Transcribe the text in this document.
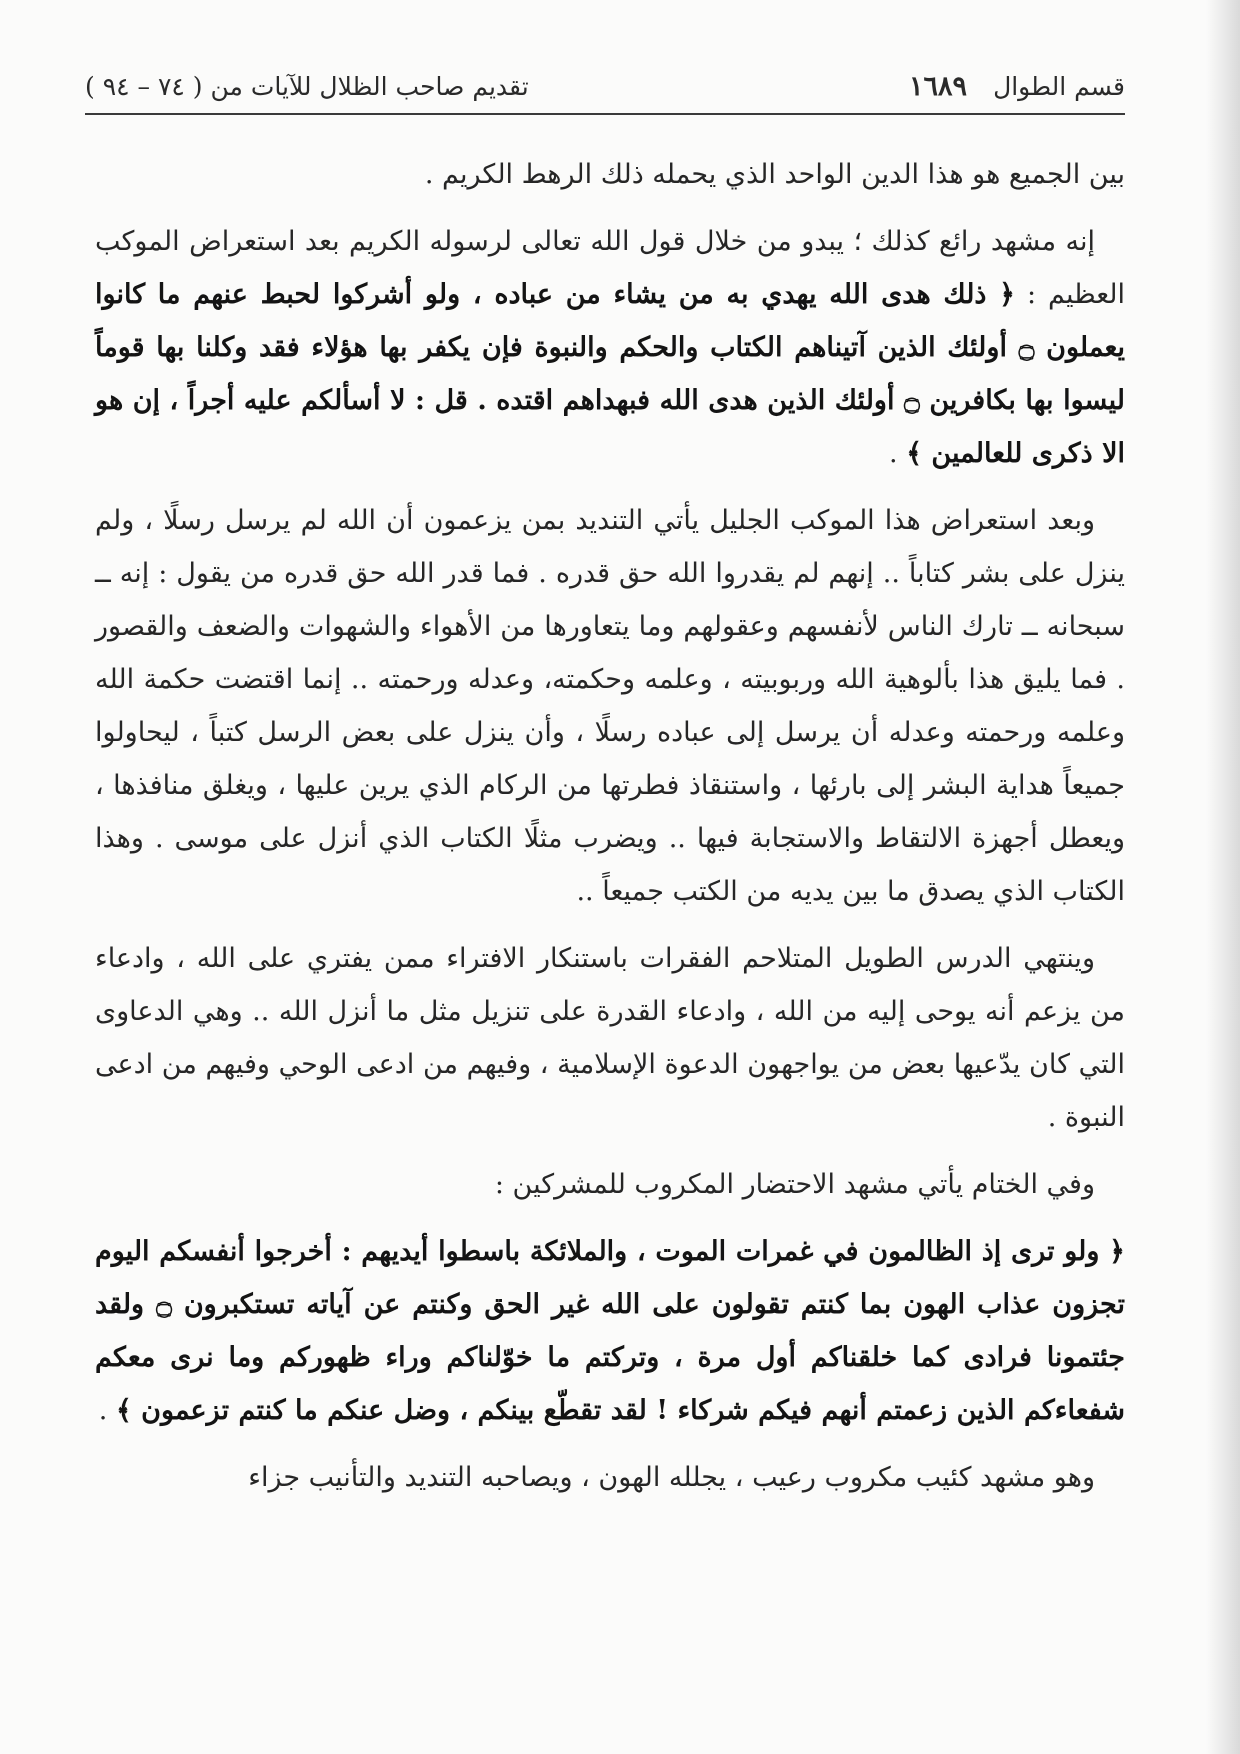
تقديم صاحب الظلال للآيات من ( ٧٤ – ٩٤ )	قسم الطوال
١٦٨٩

بين الجميع هو هذا الدين الواحد الذي يحمله ذلك الرهط الكريم .

إنه مشهد رائع كذلك ؛ يبدو من خلال قول الله تعالى لرسوله الكريم بعد استعراض الموكب العظيم : ﴿ ذلك هدى الله يهدي به من يشاء من عباده ، ولو أشركوا لحبط عنهم ما كانوا يعملون ۝ أولئك الذين آتيناهم الكتاب والحكم والنبوة فإن يكفر بها هؤلاء فقد وكلنا بها قوماً ليسوا بها بكافرين ۝ أولئك الذين هدى الله فبهداهم اقتده . قل : لا أسألكم عليه أجراً ، إن هو الا ذكرى للعالمين ﴾ .

وبعد استعراض هذا الموكب الجليل يأتي التنديد بمن يزعمون أن الله لم يرسل رسلًا ، ولم ينزل على بشر كتاباً .. إنهم لم يقدروا الله حق قدره . فما قدر الله حق قدره من يقول : إنه ــ سبحانه ــ تارك الناس لأنفسهم وعقولهم وما يتعاورها من الأهواء والشهوات والضعف والقصور . فما يليق هذا بألوهية الله وربوبيته ، وعلمه وحكمته، وعدله ورحمته .. إنما اقتضت حكمة الله وعلمه ورحمته وعدله أن يرسل إلى عباده رسلًا ، وأن ينزل على بعض الرسل كتباً ، ليحاولوا جميعاً هداية البشر إلى بارئها ، واستنقاذ فطرتها من الركام الذي يرين عليها ، ويغلق منافذها ، ويعطل أجهزة الالتقاط والاستجابة فيها .. ويضرب مثلًا الكتاب الذي أنزل على موسى . وهذا الكتاب الذي يصدق ما بين يديه من الكتب جميعاً ..

وينتهي الدرس الطويل المتلاحم الفقرات باستنكار الافتراء ممن يفتري على الله ، وادعاء من يزعم أنه يوحى إليه من الله ، وادعاء القدرة على تنزيل مثل ما أنزل الله .. وهي الدعاوى التي كان يدّعيها بعض من يواجهون الدعوة الإسلامية ، وفيهم من ادعى الوحي وفيهم من ادعى النبوة .

وفي الختام يأتي مشهد الاحتضار المكروب للمشركين :

﴿ ولو ترى إذ الظالمون في غمرات الموت ، والملائكة باسطوا أيديهم : أخرجوا أنفسكم اليوم تجزون عذاب الهون بما كنتم تقولون على الله غير الحق وكنتم عن آياته تستكبرون ۝ ولقد جئتمونا فرادى كما خلقناكم أول مرة ، وتركتم ما خوّلناكم وراء ظهوركم وما نرى معكم شفعاءكم الذين زعمتم أنهم فيكم شركاء ! لقد تقطّع بينكم ، وضل عنكم ما كنتم تزعمون ﴾ .

وهو مشهد كئيب مكروب رعيب ، يجلله الهون ، ويصاحبه التنديد والتأنيب جزاء
